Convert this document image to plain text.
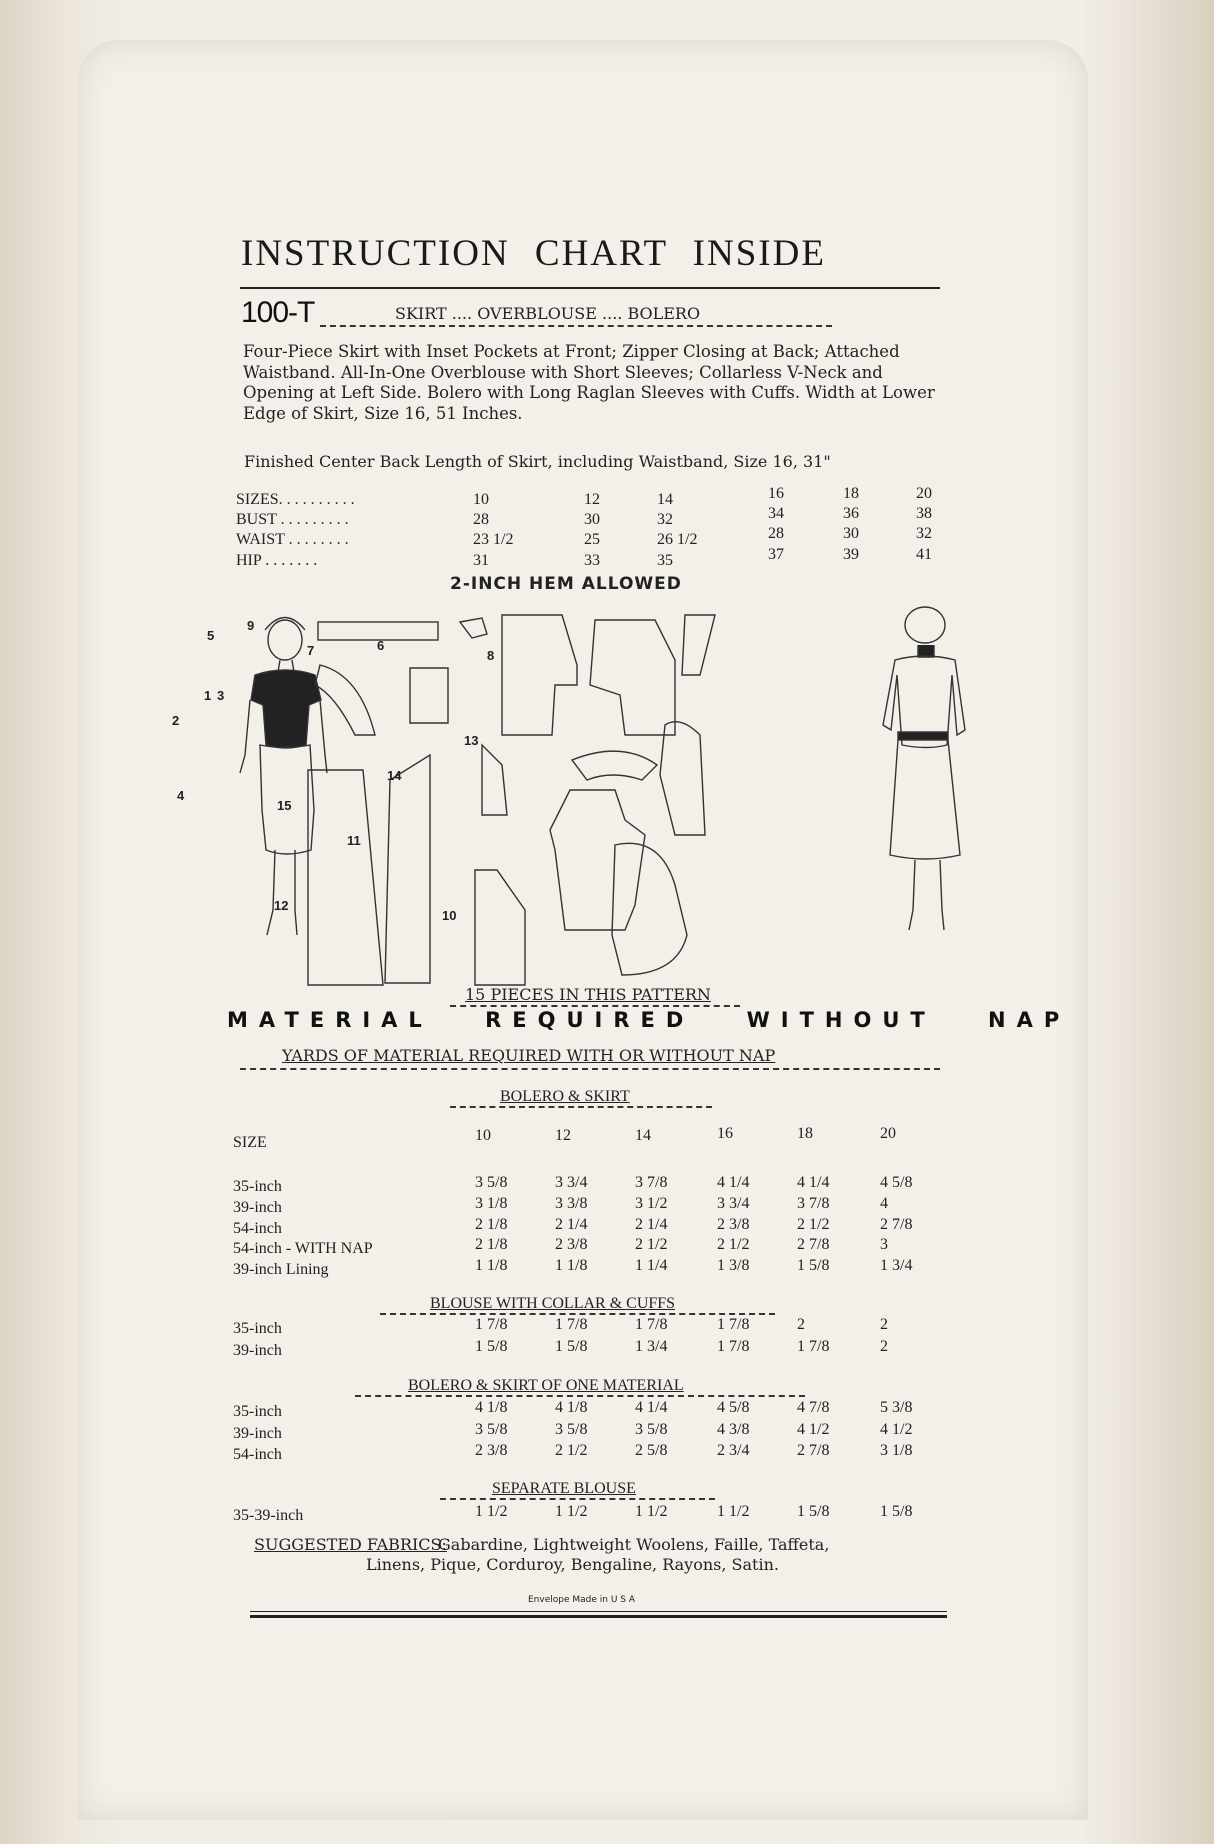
INSTRUCTION CHART INSIDE
100-T	SKIRT .... OVERBLOUSE .... BOLERO
Four-Piece Skirt with Inset Pockets at Front; Zipper Closing at Back; Attached Waistband. All-In-One Overblouse with Short Sleeves; Collarless V-Neck and Opening at Left Side. Bolero with Long Raglan Sleeves with Cuffs. Width at Lower Edge of Skirt, Size 16, 51 Inches.
Finished Center Back Length of Skirt, including Waistband, Size 16, 31"
SIZES. . . . . . . . . .	10	12	14	16	18	20
BUST . . . . . . . . .	28	30	32	34	36	38
WAIST . . . . . . . .	23 1/2	25	26 1/2	28	30	32
HIP . . . . . . .	31	33	35	37	39	41
2-INCH HEM ALLOWED
1
2
3
4
5
6
7	8
9
10
11
12
13
14
15
15 PIECES IN THIS PATTERN
MATERIAL REQUIRED WITHOUT NAP
YARDS OF MATERIAL REQUIRED WITH OR WITHOUT NAP
SIZE	10	12	14	16	18	20
BOLERO & SKIRT
35-inch	3 5/8	3 3/4	3 7/8	4 1/4	4 1/4	4 5/8
39-inch	3 1/8	3 3/8	3 1/2	3 3/4	3 7/8	4
54-inch	2 1/8	2 1/4	2 1/4	2 3/8	2 1/2	2 7/8
54-inch - WITH NAP	2 1/8	2 3/8	2 1/2	2 1/2	2 7/8	3
39-inch Lining	1 1/8	1 1/8	1 1/4	1 3/8	1 5/8	1 3/4
BLOUSE WITH COLLAR & CUFFS
35-inch	1 7/8	1 7/8	1 7/8	1 7/8	2	2
39-inch	1 5/8	1 5/8	1 3/4	1 7/8	1 7/8	2
BOLERO & SKIRT OF ONE MATERIAL
35-inch	4 1/8	4 1/8	4 1/4	4 5/8	4 7/8	5 3/8
39-inch	3 5/8	3 5/8	3 5/8	4 3/8	4 1/2	4 1/2
54-inch	2 3/8	2 1/2	2 5/8	2 3/4	2 7/8	3 1/8
SEPARATE BLOUSE
35-39-inch	1 1/2	1 1/2	1 1/2	1 1/2	1 5/8	1 5/8
SUGGESTED FABRICS:
Gabardine, Lightweight Woolens, Faille, Taffeta,
Linens, Pique, Corduroy, Bengaline, Rayons, Satin.
Envelope Made in U S A
